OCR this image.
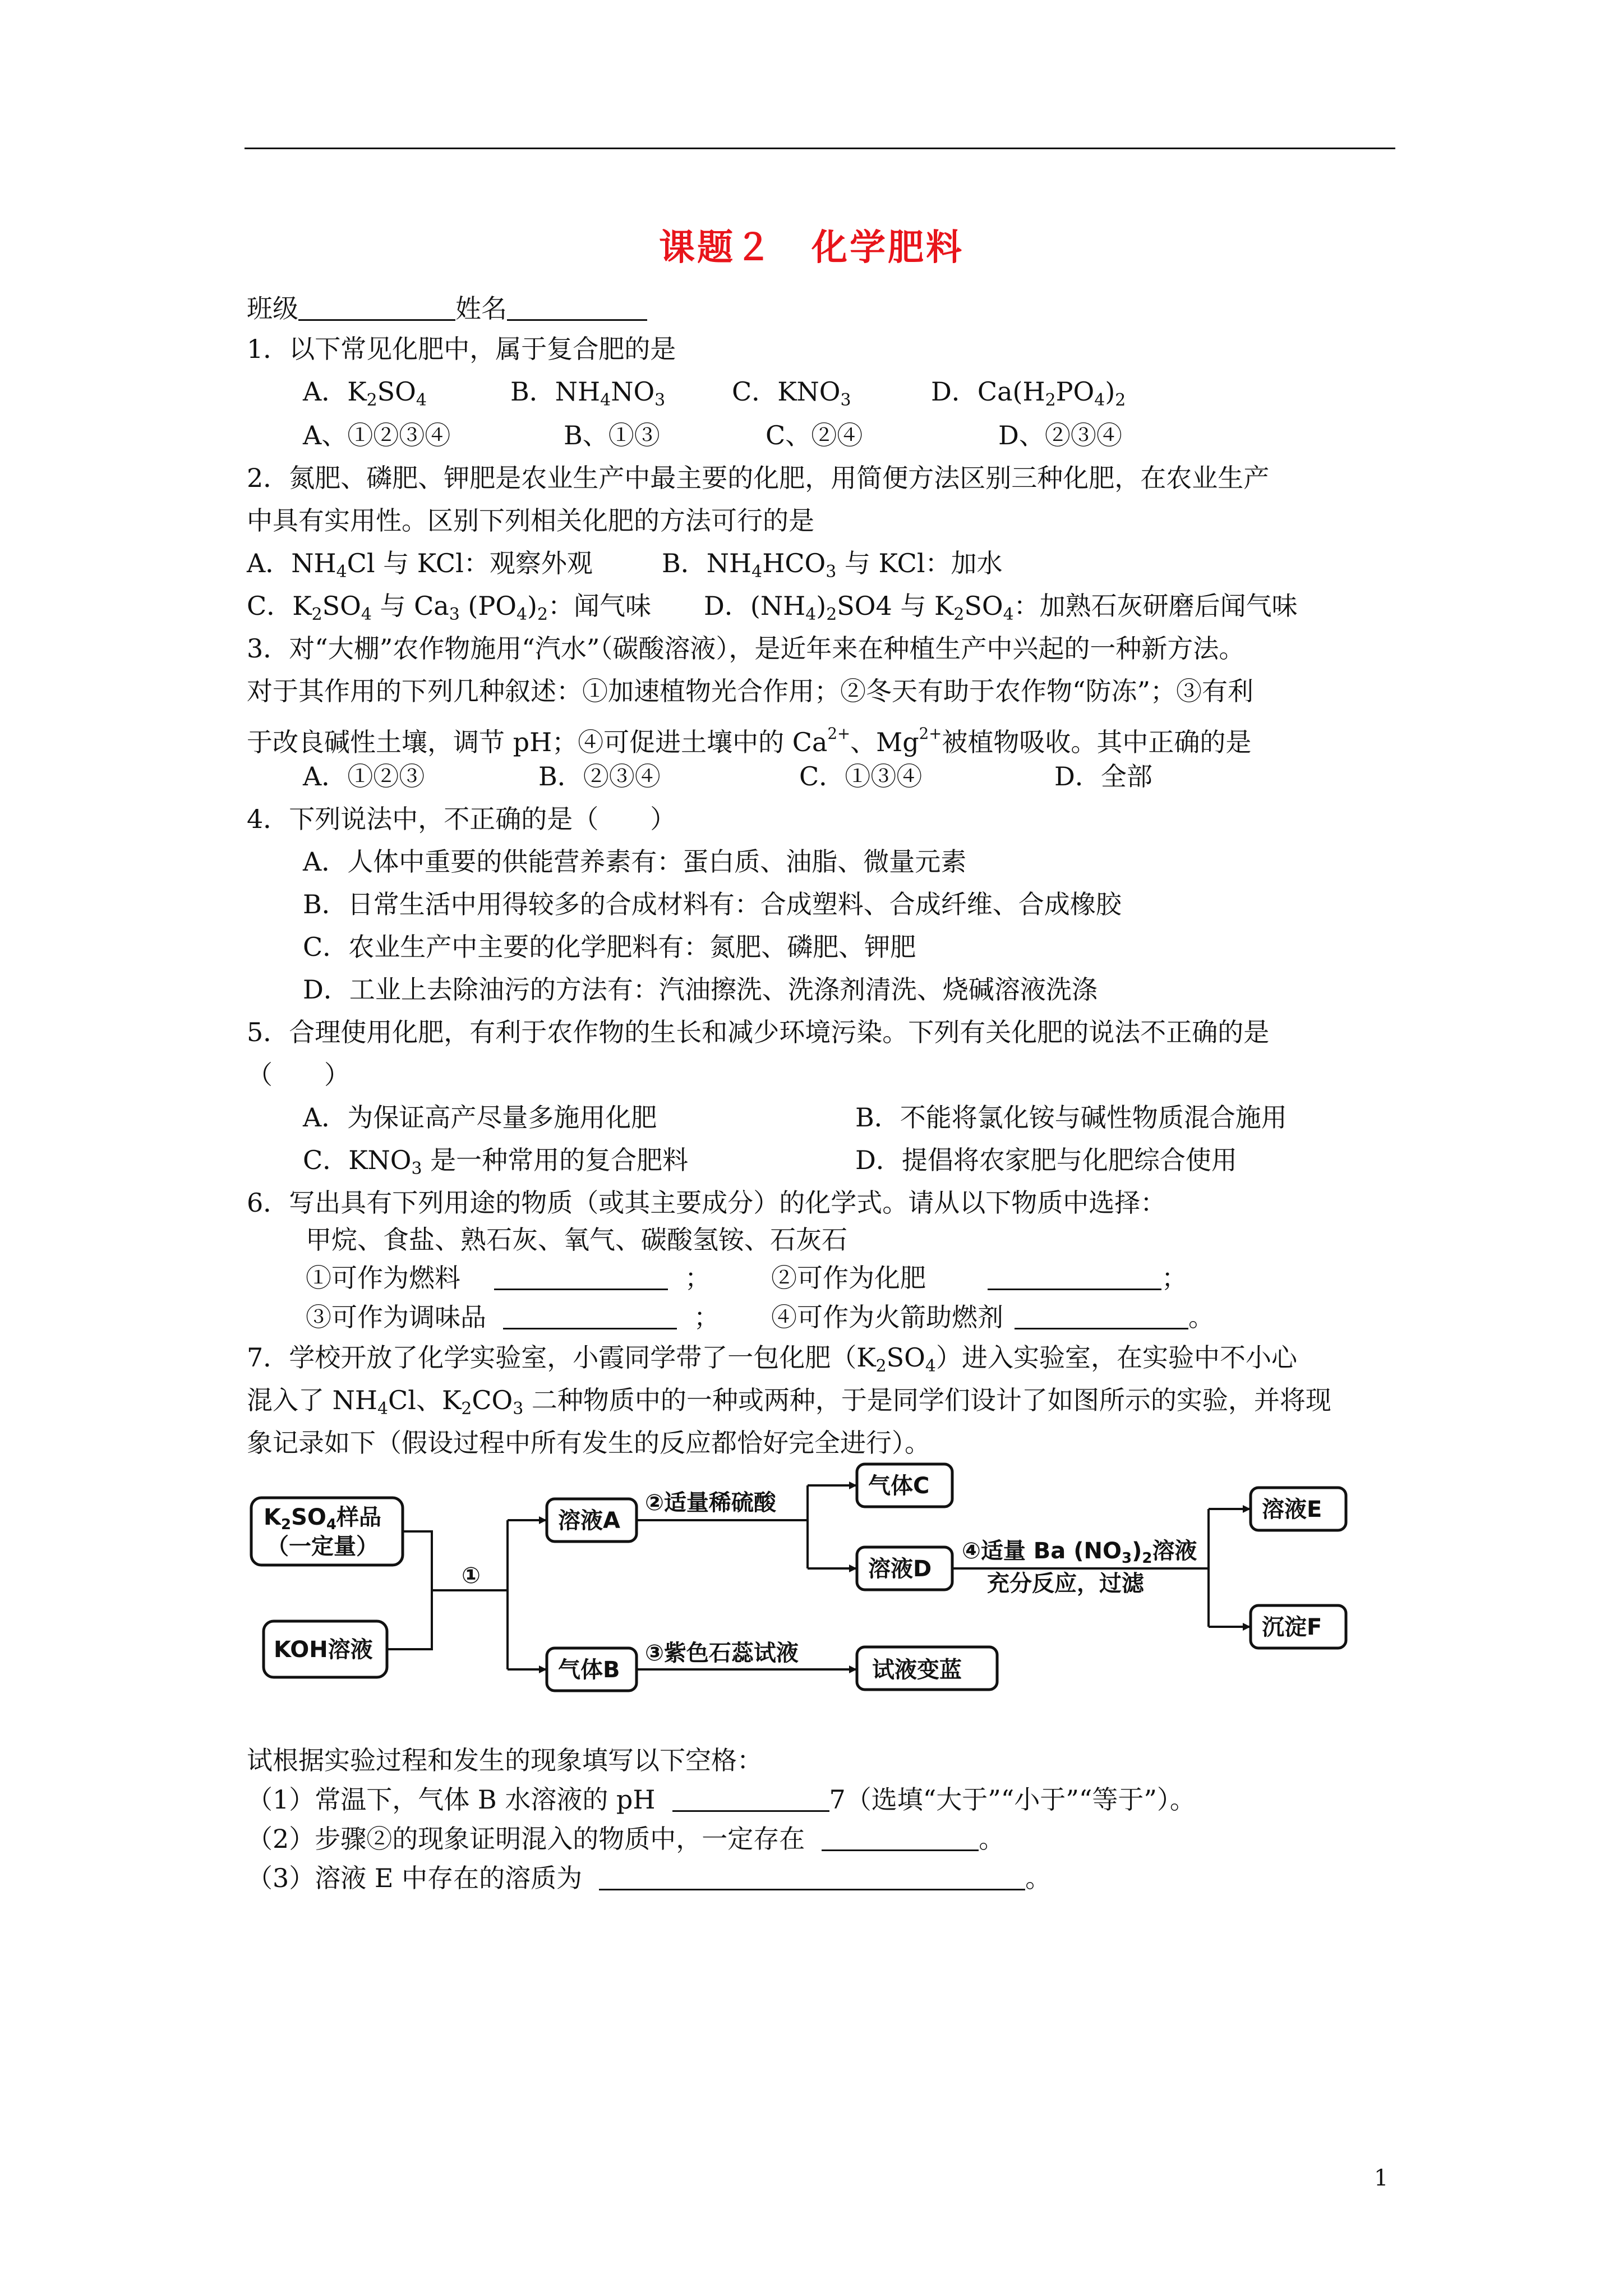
课题２　化学肥料
班级	姓名
1．以下常见化肥中，属于复合肥的是
A．$K_2SO_4$	B．$NH_4NO_3$	C．$KNO_3$	D．$Ca(H_2PO_4)_2$
A、①②③④	B、①③	C、②④	D、②③④
2．氮肥、磷肥、钾肥是农业生产中最主要的化肥，用简便方法区别三种化肥，在农业生产
中具有实用性。区别下列相关化肥的方法可行的是
A．$NH_4Cl$ 与 KCl：观察外观	B．$NH_4HCO_3$ 与 KCl：加水
C．$K_2SO_4$ 与 $Ca_3$ $(PO_4)_2$：闻气味 D．$(NH_4)_2SO4$ 与 $K_2SO_4$：加熟石灰研磨后闻气味
3．对“大棚”农作物施用“汽水”（碳酸溶液），是近年来在种植生产中兴起的一种新方法。
对于其作用的下列几种叙述：①加速植物光合作用；②冬天有助于农作物“防冻”；③有利
于改良碱性土壤，调节 pH；④可促进土壤中的 $Ca^{2+}$、$Mg^{2+}$被植物吸收。其中正确的是
A．①②③	B．②③④	C．①③④	D．全部
4．下列说法中，不正确的是（　　）
A．人体中重要的供能营养素有：蛋白质、油脂、微量元素
B．日常生活中用得较多的合成材料有：合成塑料、合成纤维、合成橡胶
C．农业生产中主要的化学肥料有：氮肥、磷肥、钾肥
D．工业上去除油污的方法有：汽油擦洗、洗涤剂清洗、烧碱溶液洗涤
5．合理使用化肥，有利于农作物的生长和减少环境污染。下列有关化肥的说法不正确的是
（　　）
A．为保证高产尽量多施用化肥	B．不能将氯化铵与碱性物质混合施用
C．$KNO_3$ 是一种常用的复合肥料	D．提倡将农家肥与化肥综合使用
6．写出具有下列用途的物质（或其主要成分）的化学式。请从以下物质中选择：
甲烷、食盐、熟石灰、氧气、碳酸氢铵、石灰石
①可作为燃料	； ②可作为化肥	；
③可作为调味品	； ④可作为火箭助燃剂	。
7．学校开放了化学实验室，小霞同学带了一包化肥$(K_2SO_4)$进入实验室，在实验中不小心
混入了 $NH_4Cl$、$K_2CO_3$ 二种物质中的一种或两种，于是同学们设计了如图所示的实验，并将现
象记录如下（假设过程中所有发生的反应都恰好完全进行）。
$K_2SO_4$样品
（一定量）
KOH溶液
①
溶液A
②适量稀硫酸
气体C
溶液D
④适量 Ba $(NO_3)_2$溶液
充分反应，过滤
溶液E
沉淀F
气体B
③紫色石蕊试液
试液变蓝
试根据实验过程和发生的现象填写以下空格：
（1）常温下，气体 B 水溶液的 pH	7（选填“大于”“小于”“等于”）。
（2）步骤②的现象证明混入的物质中，一定存在	。
（3）溶液 E 中存在的溶质为	。
1
